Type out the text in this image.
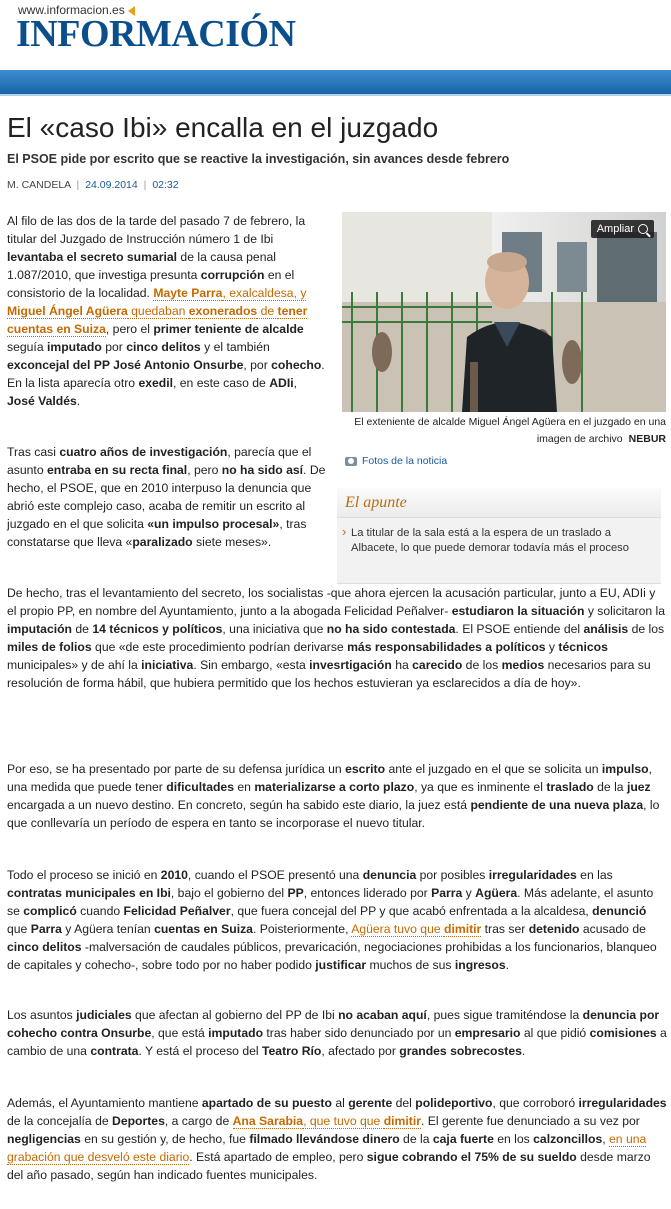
www.informacion.es
INFORMACIÓN
El «caso Ibi» encalla en el juzgado
El PSOE pide por escrito que se reactive la investigación, sin avances desde febrero
M. CANDELA | 24.09.2014 | 02:32
Ampliar
El exteniente de alcalde Miguel Ángel Agüera en el juzgado en una imagen de archivo NEBUR
Fotos de la noticia
El apunte
› La titular de la sala está a la espera de un traslado a Albacete, lo que puede demorar todavía más el proceso

Al filo de las dos de la tarde del pasado 7 de febrero, la titular del Juzgado de Instrucción número 1 de Ibi levantaba el secreto sumarial de la causa penal 1.087/2010, que investiga presunta corrupción en el consistorio de la localidad. Mayte Parra, exalcaldesa, y Miguel Ángel Agüera quedaban exonerados de tener cuentas en Suiza, pero el primer teniente de alcalde seguía imputado por cinco delitos y el también exconcejal del PP José Antonio Onsurbe, por cohecho. En la lista aparecía otro exedil, en este caso de ADIi, José Valdés.

Tras casi cuatro años de investigación, parecía que el asunto entraba en su recta final, pero no ha sido así. De hecho, el PSOE, que en 2010 interpuso la denuncia que abrió este complejo caso, acaba de remitir un escrito al juzgado en el que solicita «un impulso procesal», tras constatarse que lleva «paralizado siete meses».

De hecho, tras el levantamiento del secreto, los socialistas -que ahora ejercen la acusación particular, junto a EU, ADIi y el propio PP, en nombre del Ayuntamiento, junto a la abogada Felicidad Peñalver- estudiaron la situación y solicitaron la imputación de 14 técnicos y políticos, una iniciativa que no ha sido contestada. El PSOE entiende del análisis de los miles de folios que «de este procedimiento podrían derivarse más responsabilidades a políticos y técnicos municipales» y de ahí la iniciativa. Sin embargo, «esta invesrtigación ha carecido de los medios necesarios para su resolución de forma hábil, que hubiera permitido que los hechos estuvieran ya esclarecidos a día de hoy».

Por eso, se ha presentado por parte de su defensa jurídica un escrito ante el juzgado en el que se solicita un impulso, una medida que puede tener dificultades en materializarse a corto plazo, ya que es inminente el traslado de la juez encargada a un nuevo destino. En concreto, según ha sabido este diario, la juez está pendiente de una nueva plaza, lo que conllevaría un período de espera en tanto se incorporase el nuevo titular.

Todo el proceso se inició en 2010, cuando el PSOE presentó una denuncia por posibles irregularidades en las contratas municipales en Ibi, bajo el gobierno del PP, entonces liderado por Parra y Agüera. Más adelante, el asunto se complicó cuando Felicidad Peñalver, que fuera concejal del PP y que acabó enfrentada a la alcaldesa, denunció que Parra y Agüera tenían cuentas en Suiza. Poisteriormente, Agüera tuvo que dimitir tras ser detenido acusado de cinco delitos -malversación de caudales públicos, prevaricación, negociaciones prohibidas a los funcionarios, blanqueo de capitales y cohecho-, sobre todo por no haber podido justificar muchos de sus ingresos.

Los asuntos judiciales que afectan al gobierno del PP de Ibi no acaban aquí, pues sigue tramiténdose la denuncia por cohecho contra Onsurbe, que está imputado tras haber sido denunciado por un empresario al que pidió comisiones a cambio de una contrata. Y está el proceso del Teatro Río, afectado por grandes sobrecostes.

Además, el Ayuntamiento mantiene apartado de su puesto al gerente del polideportivo, que corroboró irregularidades de la concejalía de Deportes, a cargo de Ana Sarabia, que tuvo que dimitir. El gerente fue denunciado a su vez por negligencias en su gestión y, de hecho, fue filmado llevándose dinero de la caja fuerte en los calzoncillos, en una grabación que desveló este diario. Está apartado de empleo, pero sigue cobrando el 75% de su sueldo desde marzo del año pasado, según han indicado fuentes municipales.
